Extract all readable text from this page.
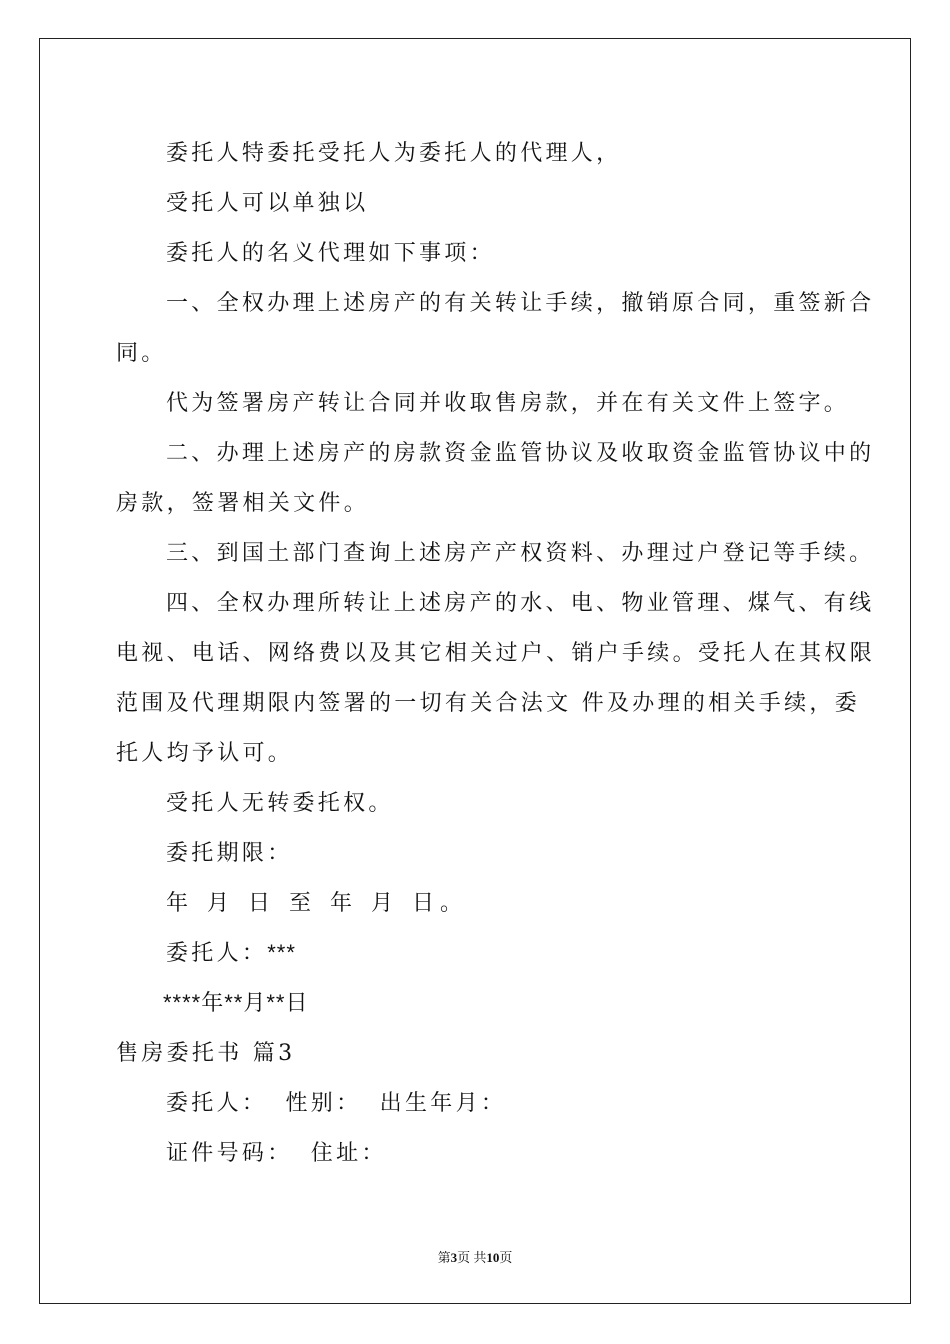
委托人特委托受托人为委托人的代理人，

受托人可以单独以

委托人的名义代理如下事项：

一、全权办理上述房产的有关转让手续，撤销原合同，重签新合

同。

代为签署房产转让合同并收取售房款，并在有关文件上签字。

二、办理上述房产的房款资金监管协议及收取资金监管协议中的

房款，签署相关文件。

三、到国土部门查询上述房产产权资料、办理过户登记等手续。

四、全权办理所转让上述房产的水、电、物业管理、煤气、有线

电视、电话、网络费以及其它相关过户、销户手续。受托人在其权限

范围及代理期限内签署的一切有关合法文 件及办理的相关手续，委

托人均予认可。

受托人无转委托权。

委托期限：

年 月 日 至 年 月 日。

委托人：***

****年**月**日

售房委托书 篇3

委托人： 性别： 出生年月：

证件号码： 住址：

第3页 共10页
